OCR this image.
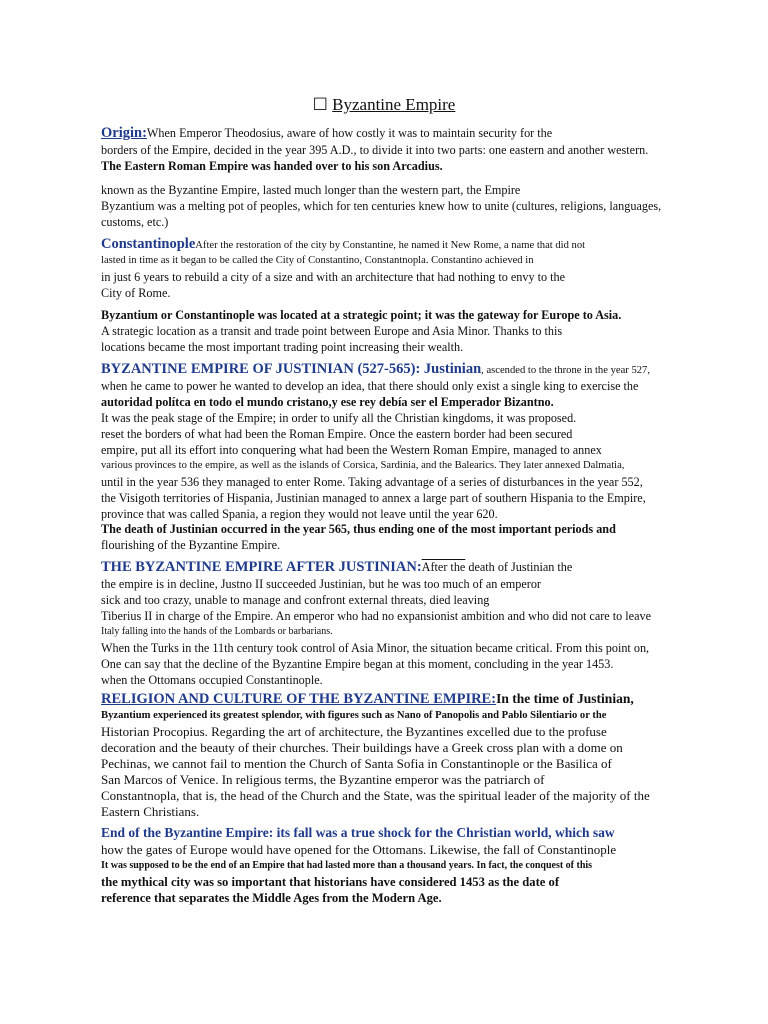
☐ Byzantine Empire
Origin:When Emperor Theodosius, aware of how costly it was to maintain security for the
borders of the Empire, decided in the year 395 A.D., to divide it into two parts: one eastern and another western.
The Eastern Roman Empire was handed over to his son Arcadius.
known as the Byzantine Empire, lasted much longer than the western part, the Empire
Byzantium was a melting pot of peoples, which for ten centuries knew how to unite (cultures, religions, languages,
customs, etc.)
ConstantinopleAfter the restoration of the city by Constantine, he named it New Rome, a name that did not
lasted in time as it began to be called the City of Constantino, Constantnopla. Constantino achieved in
in just 6 years to rebuild a city of a size and with an architecture that had nothing to envy to the
City of Rome.
Byzantium or Constantinople was located at a strategic point; it was the gateway for Europe to Asia.
A strategic location as a transit and trade point between Europe and Asia Minor. Thanks to this
locations became the most important trading point increasing their wealth.
BYZANTINE EMPIRE OF JUSTINIAN (527-565): Justinian, ascended to the throne in the year 527,
when he came to power he wanted to develop an idea, that there should only exist a single king to exercise the
autoridad polítca en todo el mundo cristano,y ese rey debía ser el Emperador Bizantno.
It was the peak stage of the Empire; in order to unify all the Christian kingdoms, it was proposed.
reset the borders of what had been the Roman Empire. Once the eastern border had been secured
empire, put all its effort into conquering what had been the Western Roman Empire, managed to annex
various provinces to the empire, as well as the islands of Corsica, Sardinia, and the Balearics. They later annexed Dalmatia,
until in the year 536 they managed to enter Rome. Taking advantage of a series of disturbances in the year 552,
the Visigoth territories of Hispania, Justinian managed to annex a large part of southern Hispania to the Empire,
province that was called Spania, a region they would not leave until the year 620.
The death of Justinian occurred in the year 565, thus ending one of the most important periods and
flourishing of the Byzantine Empire.
THE BYZANTINE EMPIRE AFTER JUSTINIAN:After the death of Justinian the
the empire is in decline, Justno II succeeded Justinian, but he was too much of an emperor
sick and too crazy, unable to manage and confront external threats, died leaving
Tiberius II in charge of the Empire. An emperor who had no expansionist ambition and who did not care to leave
Italy falling into the hands of the Lombards or barbarians.
When the Turks in the 11th century took control of Asia Minor, the situation became critical. From this point on,
One can say that the decline of the Byzantine Empire began at this moment, concluding in the year 1453.
when the Ottomans occupied Constantinople.
RELIGION AND CULTURE OF THE BYZANTINE EMPIRE:In the time of Justinian,
Byzantium experienced its greatest splendor, with figures such as Nano of Panopolis and Pablo Silentiario or the
Historian Procopius. Regarding the art of architecture, the Byzantines excelled due to the profuse
decoration and the beauty of their churches. Their buildings have a Greek cross plan with a dome on
Pechinas, we cannot fail to mention the Church of Santa Sofia in Constantinople or the Basilica of
San Marcos of Venice. In religious terms, the Byzantine emperor was the patriarch of
Constantnopla, that is, the head of the Church and the State, was the spiritual leader of the majority of the
Eastern Christians.
End of the Byzantine Empire: its fall was a true shock for the Christian world, which saw
how the gates of Europe would have opened for the Ottomans. Likewise, the fall of Constantinople
It was supposed to be the end of an Empire that had lasted more than a thousand years. In fact, the conquest of this
the mythical city was so important that historians have considered 1453 as the date of
reference that separates the Middle Ages from the Modern Age.
